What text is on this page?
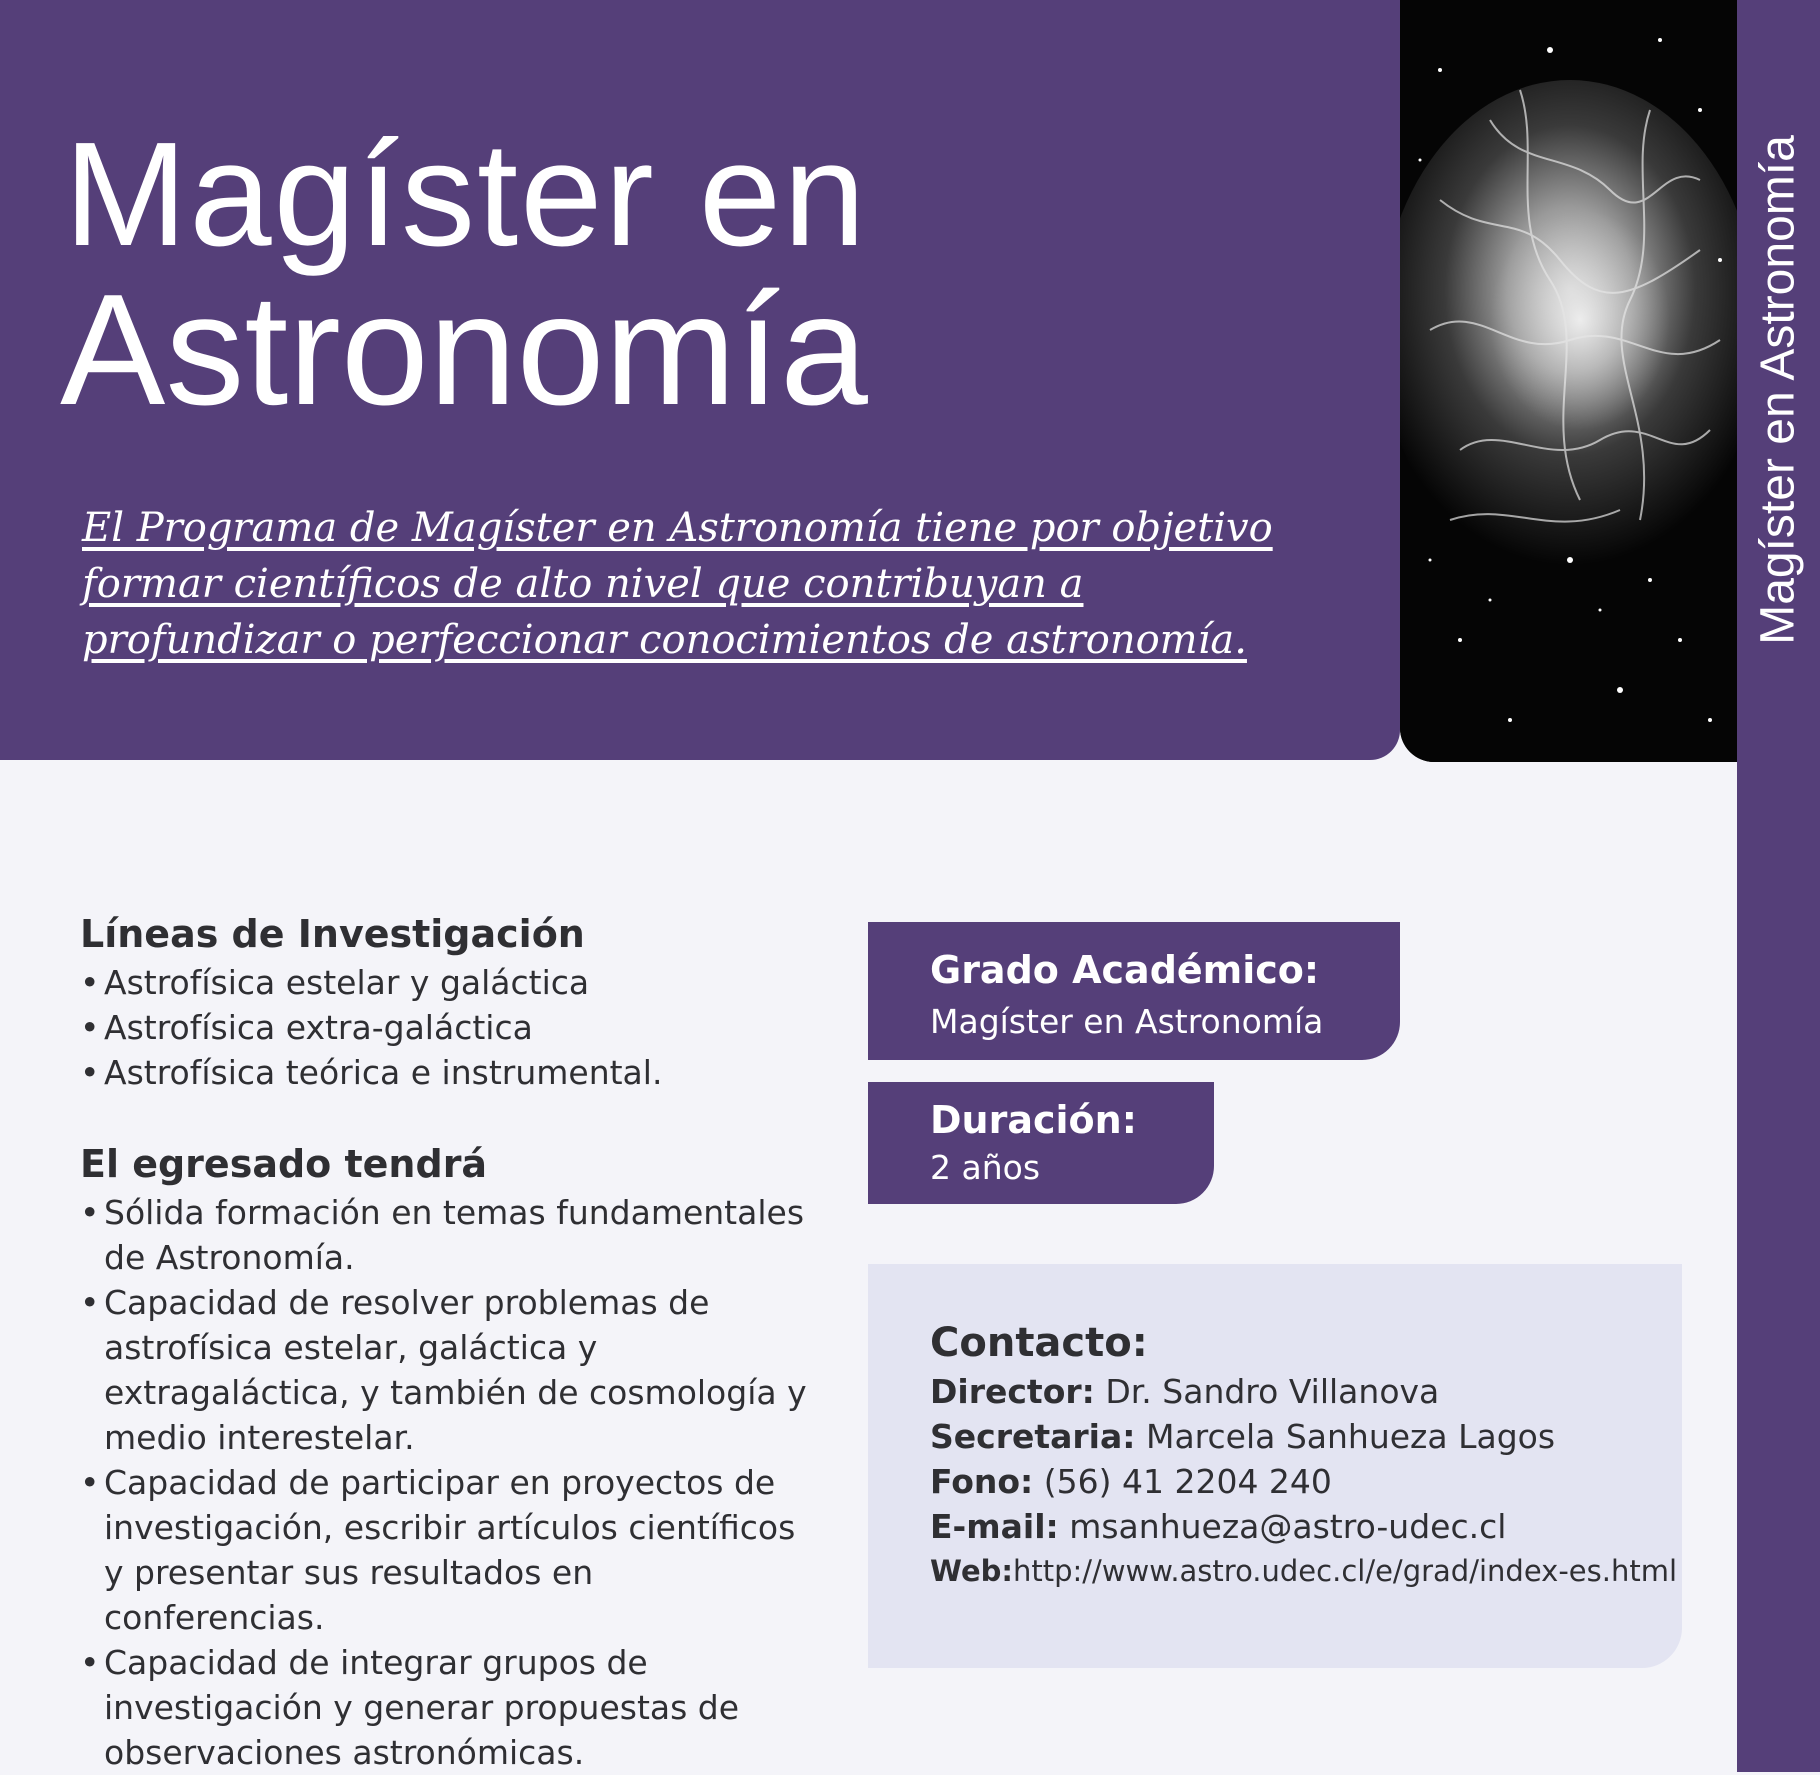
Magíster en
Astronomía

El Programa de Magíster en Astronomía tiene por objetivo formar científicos de alto nivel que contribuyan a profundizar o perfeccionar conocimientos de astronomía.	Magíster en Astronomía
Líneas de Investigación
• Astrofísica estelar y galáctica
• Astrofísica extra-galáctica
• Astrofísica teórica e instrumental.
El egresado tendrá
• Sólida formación en temas fundamentales de Astronomía.
• Capacidad de resolver problemas de astrofísica estelar, galáctica y extragaláctica, y también de cosmología y medio interestelar.
• Capacidad de participar en proyectos de investigación, escribir artículos científicos y presentar sus resultados en conferencias.
• Capacidad de integrar grupos de investigación y generar propuestas de observaciones astronómicas.
Grado Académico:
Magíster en Astronomía
Duración:
2 años
Contacto:
Director: Dr. Sandro Villanova
Secretaria: Marcela Sanhueza Lagos
Fono: (56) 41 2204 240
E-mail: msanhueza@astro-udec.cl
Web:http://www.astro.udec.cl/e/grad/index-es.html
